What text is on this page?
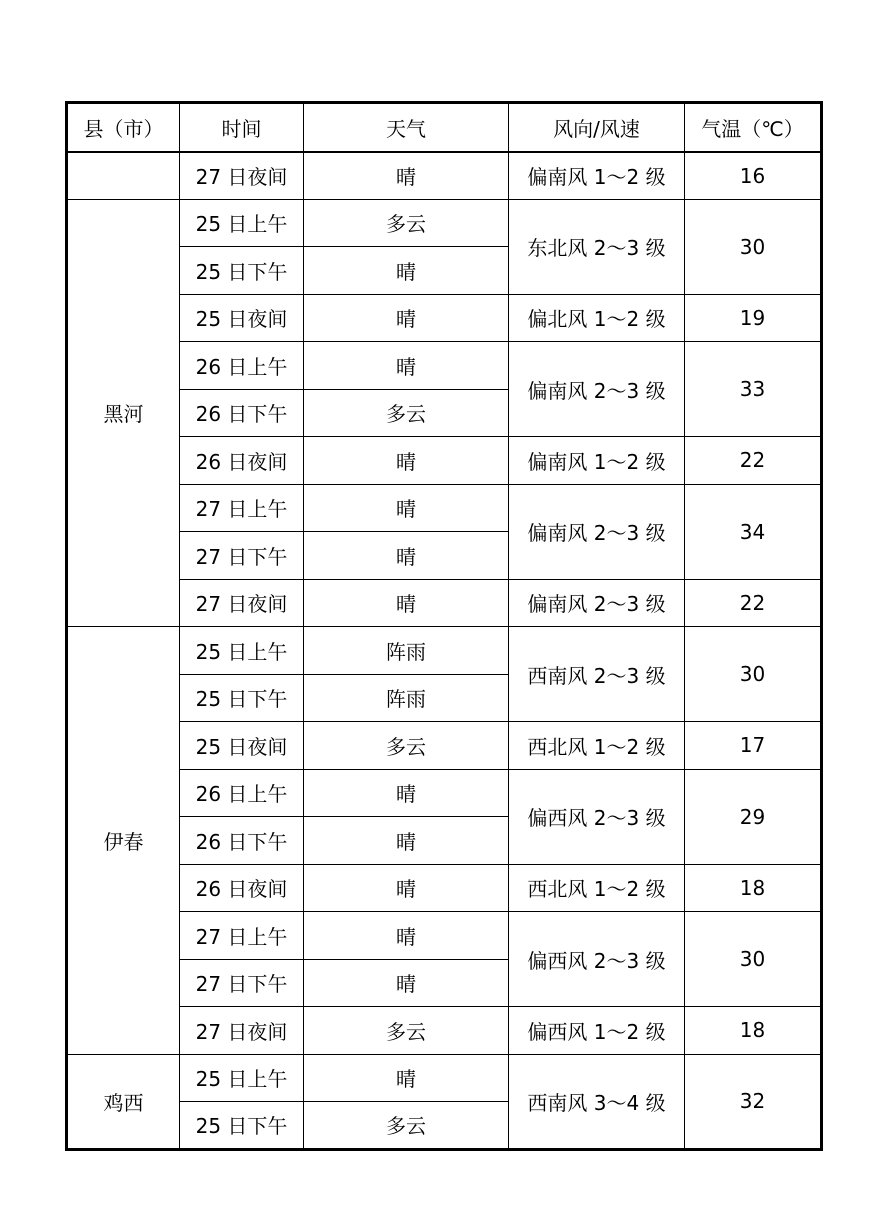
县（市）	时间	天气	风向/风速	气温（℃）
	27 日夜间	晴	偏南风 1～2 级	16
黑河	25 日上午	多云	东北风 2～3 级	30
	25 日下午	晴		
	25 日夜间	晴	偏北风 1～2 级	19
	26 日上午	晴	偏南风 2～3 级	33
	26 日下午	多云		
	26 日夜间	晴	偏南风 1～2 级	22
	27 日上午	晴	偏南风 2～3 级	34
	27 日下午	晴		
	27 日夜间	晴	偏南风 2～3 级	22
伊春	25 日上午	阵雨	西南风 2～3 级	30
	25 日下午	阵雨		
	25 日夜间	多云	西北风 1～2 级	17
	26 日上午	晴	偏西风 2～3 级	29
	26 日下午	晴		
	26 日夜间	晴	西北风 1～2 级	18
	27 日上午	晴	偏西风 2～3 级	30
	27 日下午	晴		
	27 日夜间	多云	偏西风 1～2 级	18
鸡西	25 日上午	晴	西南风 3～4 级	32
	25 日下午	多云		
